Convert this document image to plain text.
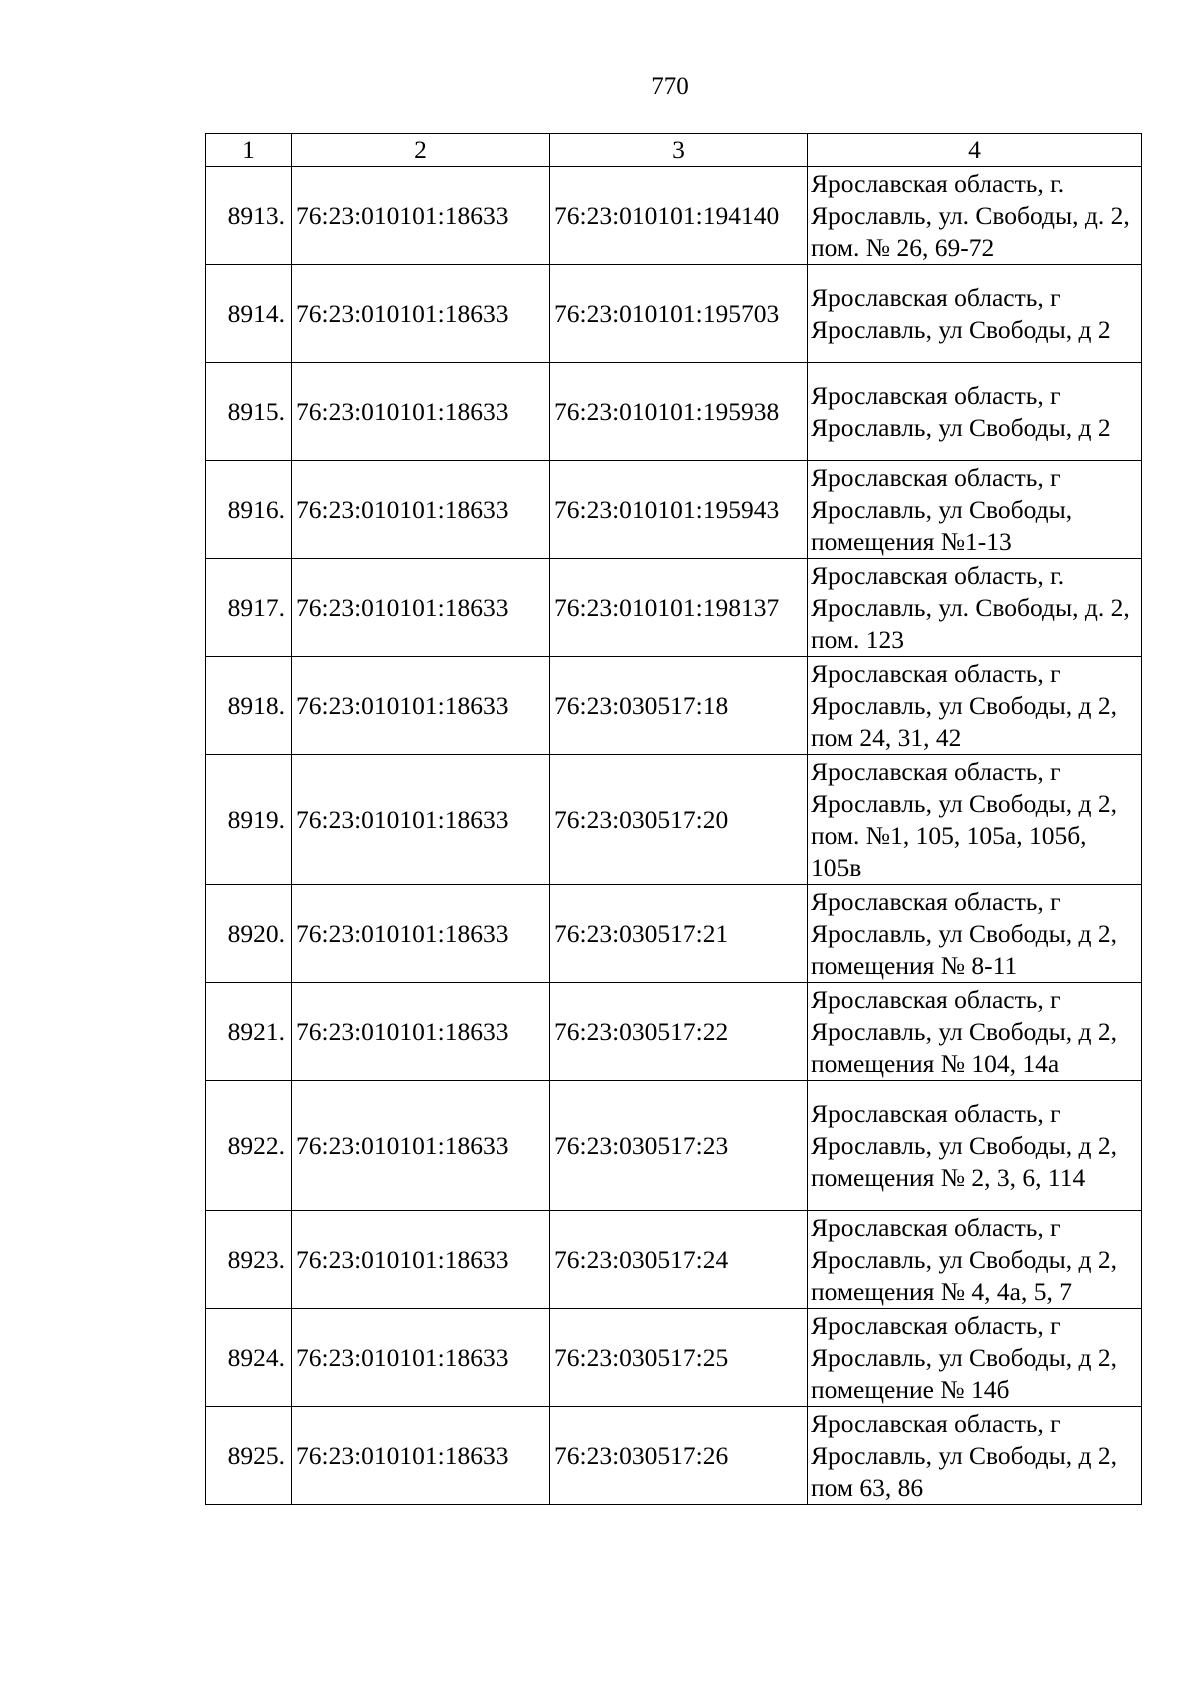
770
1	2	3	4
8913.	76:23:010101:18633	76:23:010101:194140	Ярославская область, г. Ярославль, ул. Свободы, д. 2, пом. № 26, 69-72
8914.	76:23:010101:18633	76:23:010101:195703	Ярославская область, г Ярославль, ул Свободы, д 2
8915.	76:23:010101:18633	76:23:010101:195938	Ярославская область, г Ярославль, ул Свободы, д 2
8916.	76:23:010101:18633	76:23:010101:195943	Ярославская область, г Ярославль, ул Свободы, помещения №1-13
8917.	76:23:010101:18633	76:23:010101:198137	Ярославская область, г. Ярославль, ул. Свободы, д. 2, пом. 123
8918.	76:23:010101:18633	76:23:030517:18	Ярославская область, г Ярославль, ул Свободы, д 2, пом 24, 31, 42
8919.	76:23:010101:18633	76:23:030517:20	Ярославская область, г Ярославль, ул Свободы, д 2, пом. №1, 105, 105а, 105б, 105в
8920.	76:23:010101:18633	76:23:030517:21	Ярославская область, г Ярославль, ул Свободы, д 2, помещения № 8-11
8921.	76:23:010101:18633	76:23:030517:22	Ярославская область, г Ярославль, ул Свободы, д 2, помещения № 104, 14а
8922.	76:23:010101:18633	76:23:030517:23	Ярославская область, г Ярославль, ул Свободы, д 2, помещения № 2, 3, 6, 114
8923.	76:23:010101:18633	76:23:030517:24	Ярославская область, г Ярославль, ул Свободы, д 2, помещения № 4, 4а, 5, 7
8924.	76:23:010101:18633	76:23:030517:25	Ярославская область, г Ярославль, ул Свободы, д 2, помещение № 14б
8925.	76:23:010101:18633	76:23:030517:26	Ярославская область, г Ярославль, ул Свободы, д 2, пом 63, 86
